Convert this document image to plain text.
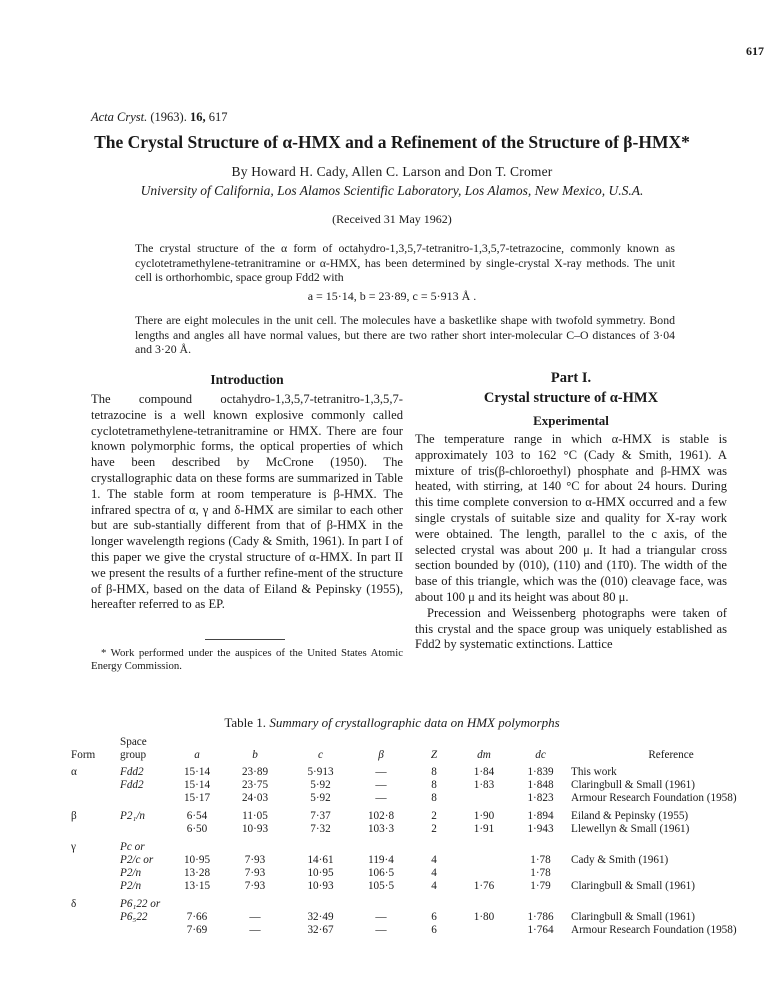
617
Acta Cryst. (1963). 16, 617
The Crystal Structure of α-HMX and a Refinement of the Structure of β-HMX*
By Howard H. Cady, Allen C. Larson and Don T. Cromer
University of California, Los Alamos Scientific Laboratory, Los Alamos, New Mexico, U.S.A.
(Received 31 May 1962)
The crystal structure of the α form of octahydro-1,3,5,7-tetranitro-1,3,5,7-tetrazocine, commonly known as cyclotetramethylene-tetranitramine or α-HMX, has been determined by single-crystal X-ray methods. The unit cell is orthorhombic, space group Fdd2 with
a = 15·14, b = 23·89, c = 5·913 Å .
There are eight molecules in the unit cell. The molecules have a basketlike shape with twofold symmetry. Bond lengths and angles all have normal values, but there are two rather short inter-molecular C–O distances of 3·04 and 3·20 Å.
Introduction
The compound octahydro-1,3,5,7-tetranitro-1,3,5,7-tetrazocine is a well known explosive commonly called cyclotetramethylene-tetranitramine or HMX. There are four known polymorphic forms, the optical properties of which have been described by McCrone (1950). The crystallographic data on these forms are summarized in Table 1. The stable form at room temperature is β-HMX. The infrared spectra of α, γ and δ-HMX are similar to each other but are sub-stantially different from that of β-HMX in the longer wavelength regions (Cady & Smith, 1961). In part I of this paper we give the crystal structure of α-HMX. In part II we present the results of a further refine-ment of the structure of β-HMX, based on the data of Eiland & Pepinsky (1955), hereafter referred to as EP.
Part I.
Crystal structure of α-HMX
Experimental
The temperature range in which α-HMX is stable is approximately 103 to 162 °C (Cady & Smith, 1961). A mixture of tris(β-chloroethyl) phosphate and β-HMX was heated, with stirring, at 140 °C for about 24 hours. During this time complete conversion to α-HMX occurred and a few single crystals of suitable size and quality for X-ray work were obtained. The length, parallel to the c axis, of the selected crystal was about 200 μ. It had a triangular cross section bounded by (010), (110) and (11̄0). The width of the base of this triangle, which was the (010) cleavage face, was about 100 μ and its height was about 80 μ.
Precession and Weissenberg photographs were taken of this crystal and the space group was uniquely established as Fdd2 by systematic extinctions. Lattice
* Work performed under the auspices of the United States Atomic Energy Commission.
Table 1. Summary of crystallographic data on HMX polymorphs
Form	Space group	a	b	c	β	Z	dm	dc	Reference
α	Fdd2	15·14	23·89	5·913	—	8	1·84	1·839	This work
	Fdd2	15·14	23·75	5·92	—	8	1·83	1·848	Claringbull & Small (1961)
		15·17	24·03	5·92	—	8		1·823	Armour Research Foundation (1958)
β	P2₁/n	6·54	11·05	7·37	102·8	2	1·90	1·894	Eiland & Pepinsky (1955)
		6·50	10·93	7·32	103·3	2	1·91	1·943	Llewellyn & Small (1961)
γ	Pc or								
	P2/c or	10·95	7·93	14·61	119·4	4		1·78	Cady & Smith (1961)
	P2/n	13·28	7·93	10·95	106·5	4		1·78	
	P2/n	13·15	7·93	10·93	105·5	4	1·76	1·79	Claringbull & Small (1961)
δ	P6₁22 or								
	P6₅22	7·66	—	32·49	—	6	1·80	1·786	Claringbull & Small (1961)
		7·69	—	32·67	—	6		1·764	Armour Research Foundation (1958)
